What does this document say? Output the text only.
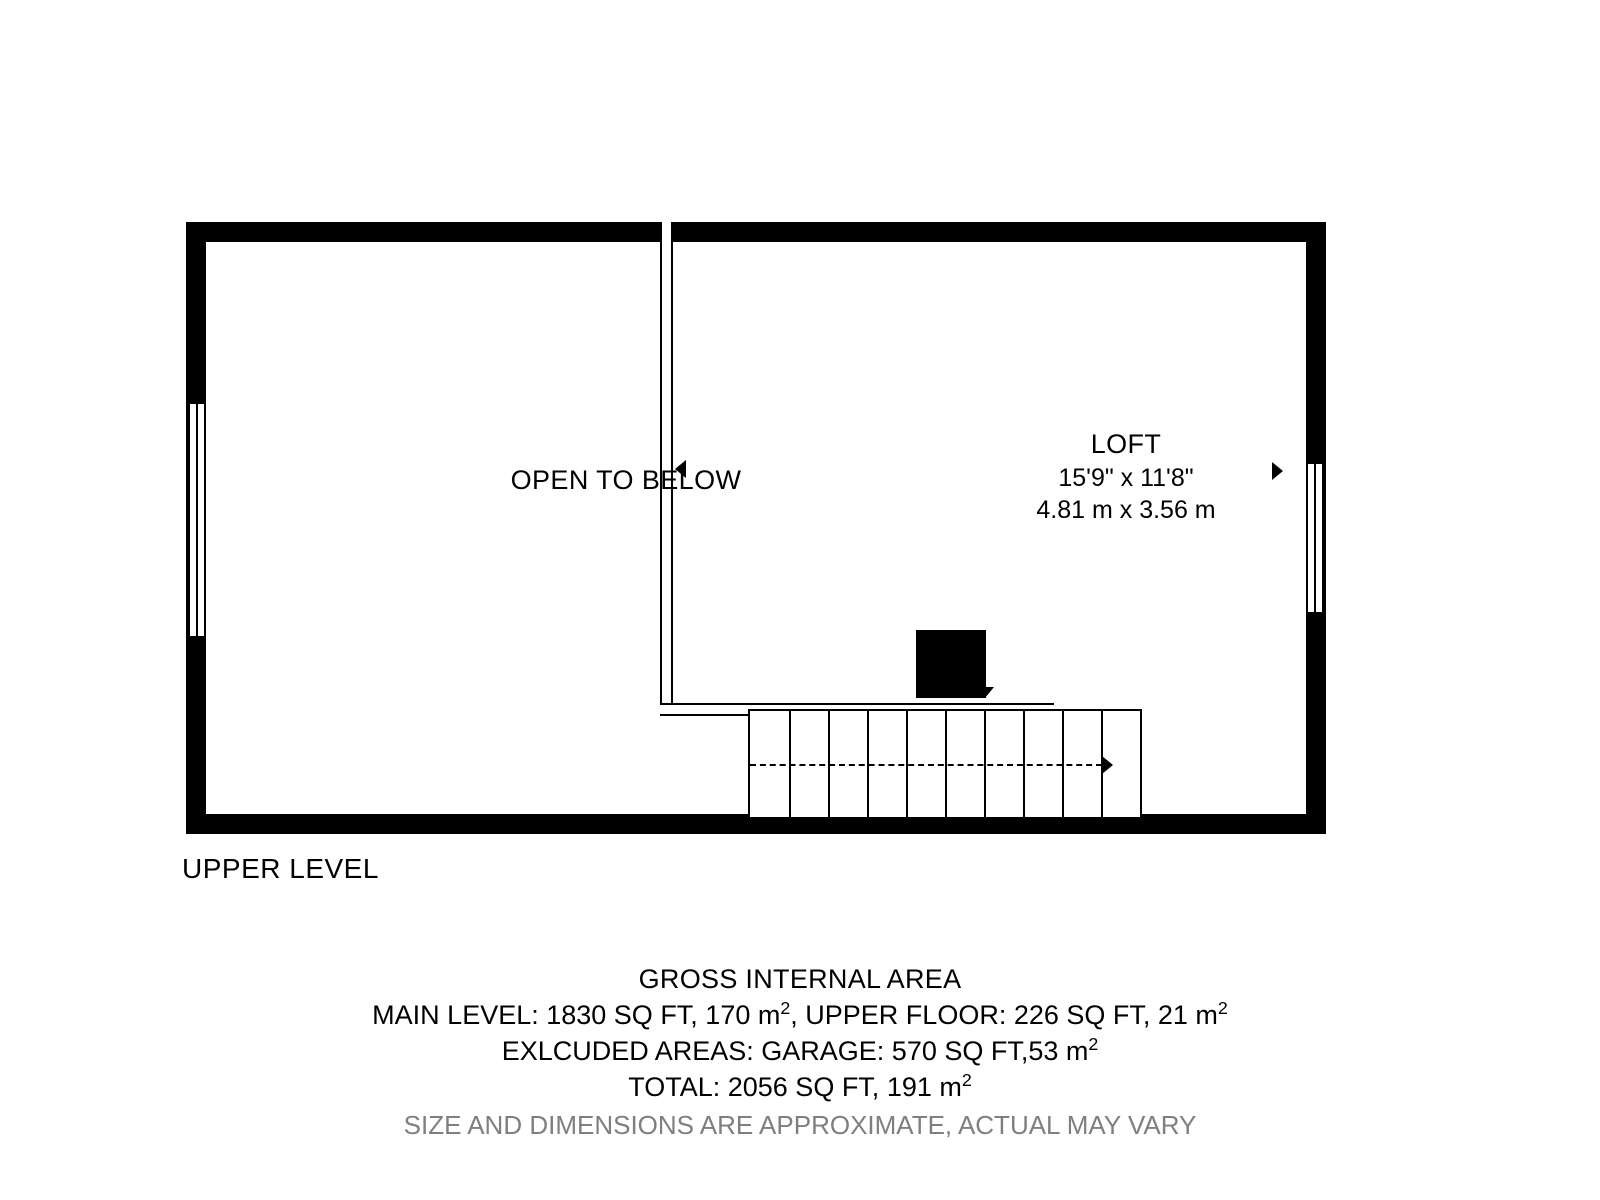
OPEN TO BELOW
LOFT
15'9" x 11'8"
4.81 m x 3.56 m
UPPER LEVEL
GROSS INTERNAL AREA
MAIN LEVEL: 1830 SQ FT, 170 $m^2$, UPPER FLOOR: 226 SQ FT, 21 $m^2$
EXLCUDED AREAS: GARAGE: 570 SQ FT,53 $m^2$
TOTAL: 2056 SQ FT, 191 $m^2$
SIZE AND DIMENSIONS ARE APPROXIMATE, ACTUAL MAY VARY
